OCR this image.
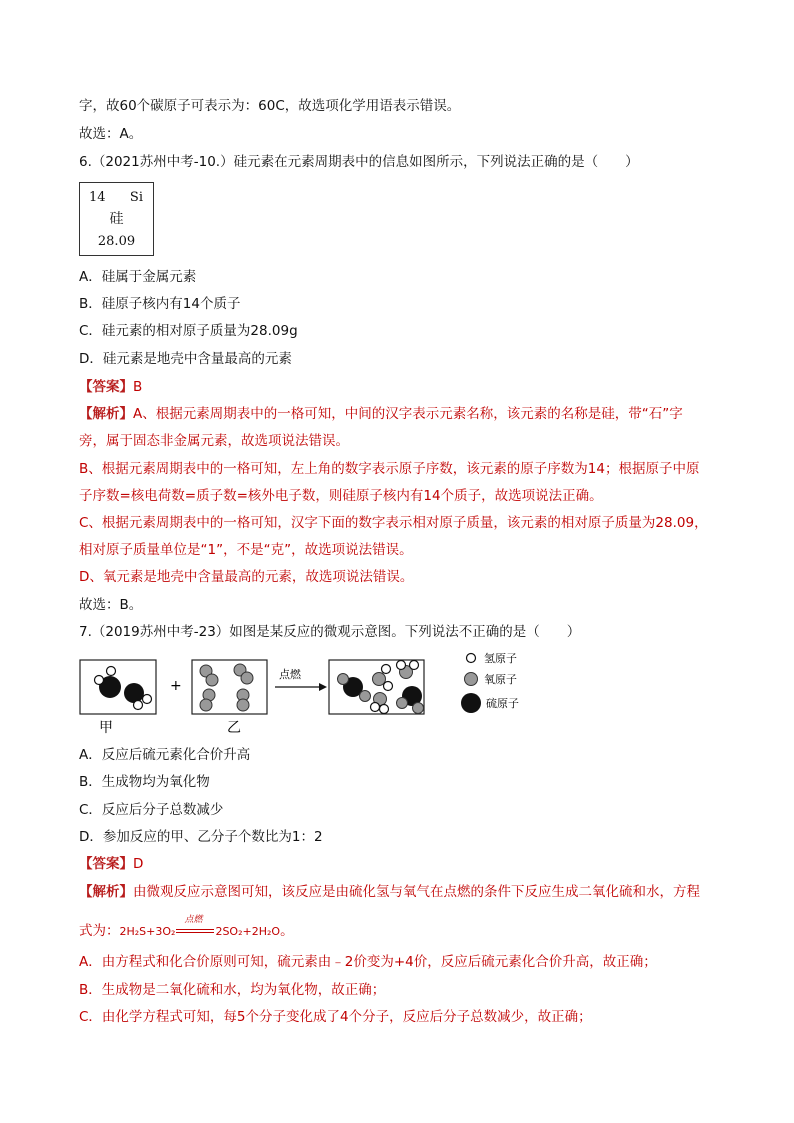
字，故60个碳原子可表示为：60C，故选项化学用语表示错误。
故选：A。
6.（2021苏州中考-10.）硅元素在元素周期表中的信息如图所示，下列说法正确的是（　　）
14 Si
硅
28.09
A．硅属于金属元素
B．硅原子核内有14个质子
C．硅元素的相对原子质量为28.09g
D．硅元素是地壳中含量最高的元素
【答案】B
【解析】A、根据元素周期表中的一格可知，中间的汉字表示元素名称，该元素的名称是硅，带“石”字
旁，属于固态非金属元素，故选项说法错误。
B、根据元素周期表中的一格可知，左上角的数字表示原子序数，该元素的原子序数为14；根据原子中原
子序数=核电荷数=质子数=核外电子数，则硅原子核内有14个质子，故选项说法正确。
C、根据元素周期表中的一格可知，汉字下面的数字表示相对原子质量，该元素的相对原子质量为28.09，
相对原子质量单位是“1”，不是“克”，故选项说法错误。
D、氧元素是地壳中含量最高的元素，故选项说法错误。
故选：B。
7.（2019苏州中考-23）如图是某反应的微观示意图。下列说法不正确的是（　　）
甲
+
乙
点燃
氢原子
氧原子
硫原子
A．反应后硫元素化合价升高
B．生成物均为氧化物
C．反应后分子总数减少
D．参加反应的甲、乙分子个数比为1：2
【答案】D
【解析】由微观反应示意图可知，该反应是由硫化氢与氧气在点燃的条件下反应生成二氧化硫和水，方程
式为：2H₂S+3O₂
点燃
2SO₂+2H₂O。
A．由方程式和化合价原则可知，硫元素由﹣2价变为+4价，反应后硫元素化合价升高，故正确；
B．生成物是二氧化硫和水，均为氧化物，故正确；
C．由化学方程式可知，每5个分子变化成了4个分子，反应后分子总数减少，故正确；
